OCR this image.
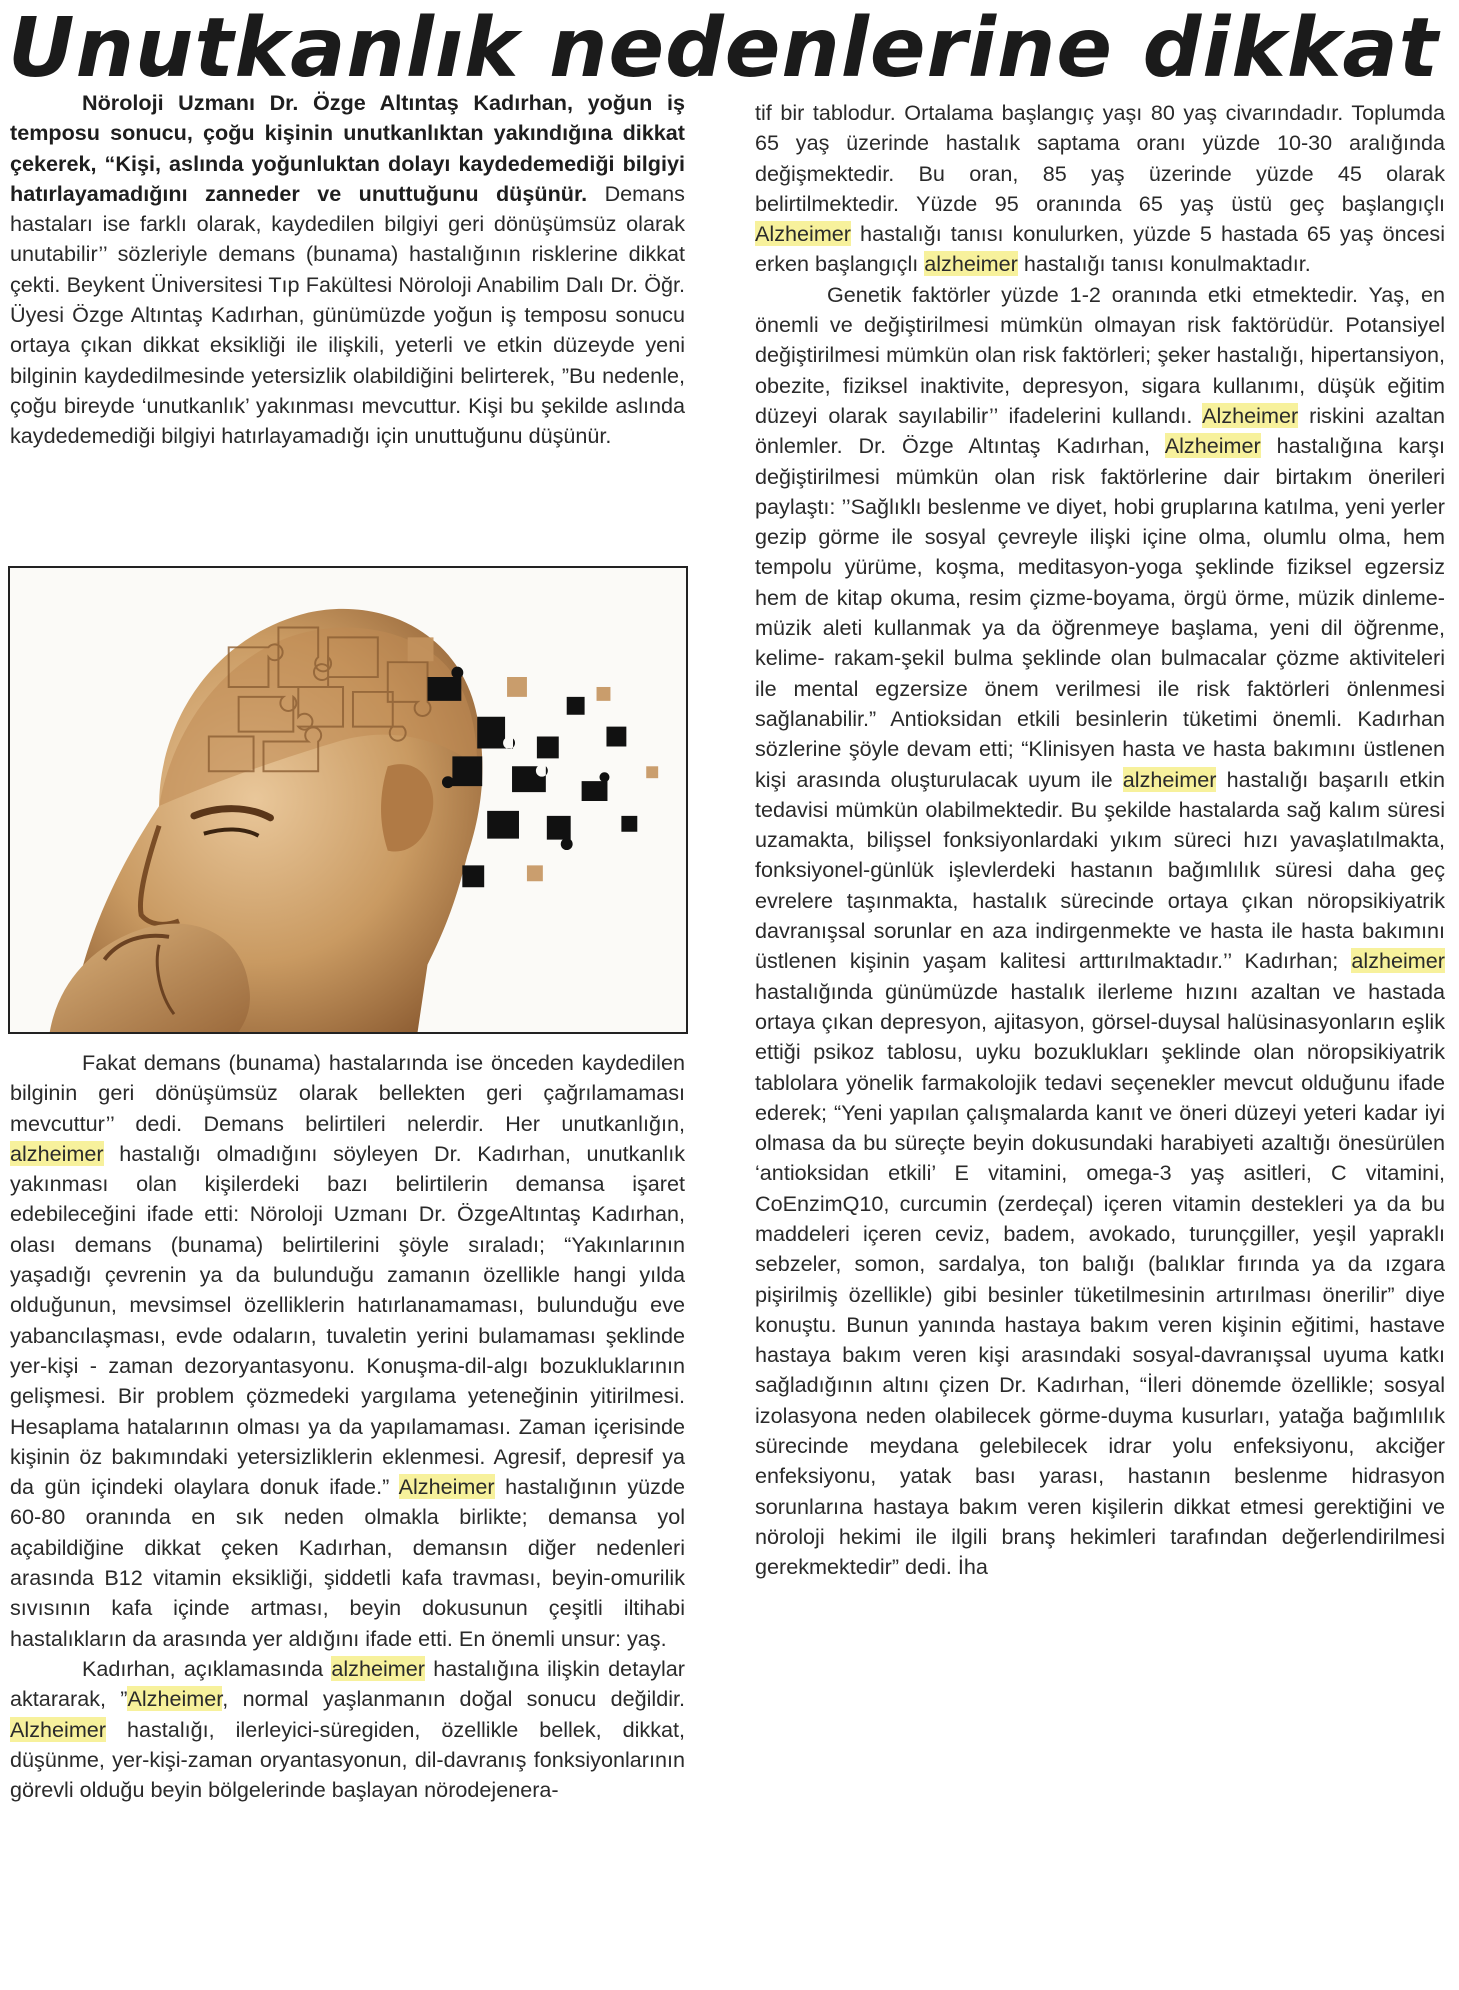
Unutkanlık nedenlerine dikkat

Nöroloji Uzmanı Dr. Özge Altıntaş Kadırhan, yoğun iş temposu sonucu, çoğu kişinin unutkanlıktan yakındığına dikkat çekerek, “Kişi, aslında yoğunluktan dolayı kaydedemediği bilgiyi hatırlayamadığını zanneder ve unuttuğunu düşünür. Demans hastaları ise farklı olarak, kaydedilen bilgiyi geri dönüşümsüz olarak unutabilir’’ sözleriyle demans (bunama) hastalığının risklerine dikkat çekti. Beykent Üniversitesi Tıp Fakültesi Nöroloji Anabilim Dalı Dr. Öğr. Üyesi Özge Altıntaş Kadırhan, günümüzde yoğun iş temposu sonucu ortaya çıkan dikkat eksikliği ile ilişkili, yeterli ve etkin düzeyde yeni bilginin kaydedilmesinde yetersizlik olabildiğini belirterek, ”Bu nedenle, çoğu bireyde ‘unutkanlık’ yakınması mevcuttur. Kişi bu şekilde aslında kaydedemediği bilgiyi hatırlayamadığı için unuttuğunu düşünür.

Fakat demans (bunama) hastalarında ise önceden kaydedilen bilginin geri dönüşümsüz olarak bellekten geri çağrılamaması mevcuttur’’ dedi. Demans belirtileri nelerdir. Her unutkanlığın, alzheimer hastalığı olmadığını söyleyen Dr. Kadırhan, unutkanlık yakınması olan kişilerdeki bazı belirtilerin demansa işaret edebileceğini ifade etti: Nöroloji Uzmanı Dr. ÖzgeAltıntaş Kadırhan, olası demans (bunama) belirtilerini şöyle sıraladı; “Yakınlarının yaşadığı çevrenin ya da bulunduğu zamanın özellikle hangi yılda olduğunun, mevsimsel özelliklerin hatırlanamaması, bulunduğu eve yabancılaşması, evde odaların, tuvaletin yerini bulamaması şeklinde yer-kişi - zaman dezoryantasyonu. Konuşma-dil-algı bozukluklarının gelişmesi. Bir problem çözmedeki yargılama yeteneğinin yitirilmesi. Hesaplama hatalarının olması ya da yapılamaması. Zaman içerisinde kişinin öz bakımındaki yetersizliklerin eklenmesi. Agresif, depresif ya da gün içindeki olaylara donuk ifade.” Alzheimer hastalığının yüzde 60-80 oranında en sık neden olmakla birlikte; demansa yol açabildiğine dikkat çeken Kadırhan, demansın diğer nedenleri arasında B12 vitamin eksikliği, şiddetli kafa travması, beyin-omurilik sıvısının kafa içinde artması, beyin dokusunun çeşitli iltihabi hastalıkların da arasında yer aldığını ifade etti. En önemli unsur: yaş.

Kadırhan, açıklamasında alzheimer hastalığına ilişkin detaylar aktararak, ”Alzheimer, normal yaşlanmanın doğal sonucu değildir. Alzheimer hastalığı, ilerleyici-süregiden, özellikle bellek, dikkat, düşünme, yer-kişi-zaman oryantasyonun, dil-davranış fonksiyonlarının görevli olduğu beyin bölgelerinde başlayan nörodejenera-

tif bir tablodur. Ortalama başlangıç yaşı 80 yaş civarındadır. Toplumda 65 yaş üzerinde hastalık saptama oranı yüzde 10-30 aralığında değişmektedir. Bu oran, 85 yaş üzerinde yüzde 45 olarak belirtilmektedir. Yüzde 95 oranında 65 yaş üstü geç başlangıçlı Alzheimer hastalığı tanısı konulurken, yüzde 5 hastada 65 yaş öncesi erken başlangıçlı alzheimer hastalığı tanısı konulmaktadır.

Genetik faktörler yüzde 1-2 oranında etki etmektedir. Yaş, en önemli ve değiştirilmesi mümkün olmayan risk faktörüdür. Potansiyel değiştirilmesi mümkün olan risk faktörleri; şeker hastalığı, hipertansiyon, obezite, fiziksel inaktivite, depresyon, sigara kullanımı, düşük eğitim düzeyi olarak sayılabilir’’ ifadelerini kullandı. Alzheimer riskini azaltan önlemler. Dr. Özge Altıntaş Kadırhan, Alzheimer hastalığına karşı değiştirilmesi mümkün olan risk faktörlerine dair birtakım önerileri paylaştı: ’’Sağlıklı beslenme ve diyet, hobi gruplarına katılma, yeni yerler gezip görme ile sosyal çevreyle ilişki içine olma, olumlu olma, hem tempolu yürüme, koşma, meditasyon-yoga şeklinde fiziksel egzersiz hem de kitap okuma, resim çizme-boyama, örgü örme, müzik dinleme-müzik aleti kullanmak ya da öğrenmeye başlama, yeni dil öğrenme, kelime- rakam-şekil bulma şeklinde olan bulmacalar çözme aktiviteleri ile mental egzersize önem verilmesi ile risk faktörleri önlenmesi sağlanabilir.” Antioksidan etkili besinlerin tüketimi önemli. Kadırhan sözlerine şöyle devam etti; “Klinisyen hasta ve hasta bakımını üstlenen kişi arasında oluşturulacak uyum ile alzheimer hastalığı başarılı etkin tedavisi mümkün olabilmektedir. Bu şekilde hastalarda sağ kalım süresi uzamakta, bilişsel fonksiyonlardaki yıkım süreci hızı yavaşlatılmakta, fonksiyonel-günlük işlevlerdeki hastanın bağımlılık süresi daha geç evrelere taşınmakta, hastalık sürecinde ortaya çıkan nöropsikiyatrik davranışsal sorunlar en aza indirgenmekte ve hasta ile hasta bakımını üstlenen kişinin yaşam kalitesi arttırılmaktadır.’’ Kadırhan; alzheimer hastalığında günümüzde hastalık ilerleme hızını azaltan ve hastada ortaya çıkan depresyon, ajitasyon, görsel-duysal halüsinasyonların eşlik ettiği psikoz tablosu, uyku bozuklukları şeklinde olan nöropsikiyatrik tablolara yönelik farmakolojik tedavi seçenekler mevcut olduğunu ifade ederek; “Yeni yapılan çalışmalarda kanıt ve öneri düzeyi yeteri kadar iyi olmasa da bu süreçte beyin dokusundaki harabiyeti azaltığı önesürülen ‘antioksidan etkili’ E vitamini, omega-3 yaş asitleri, C vitamini, CoEnzimQ10, curcumin (zerdeçal) içeren vitamin destekleri ya da bu maddeleri içeren ceviz, badem, avokado, turunçgiller, yeşil yapraklı sebzeler, somon, sardalya, ton balığı (balıklar fırında ya da ızgara pişirilmiş özellikle) gibi besinler tüketilmesinin artırılması önerilir” diye konuştu. Bunun yanında hastaya bakım veren kişinin eğitimi, hastave hastaya bakım veren kişi arasındaki sosyal-davranışsal uyuma katkı sağladığının altını çizen Dr. Kadırhan, “İleri dönemde özellikle; sosyal izolasyona neden olabilecek görme-duyma kusurları, yatağa bağımlılık sürecinde meydana gelebilecek idrar yolu enfeksiyonu, akciğer enfeksiyonu, yatak bası yarası, hastanın beslenme hidrasyon sorunlarına hastaya bakım veren kişilerin dikkat etmesi gerektiğini ve nöroloji hekimi ile ilgili branş hekimleri tarafından değerlendirilmesi gerekmektedir” dedi. İha
